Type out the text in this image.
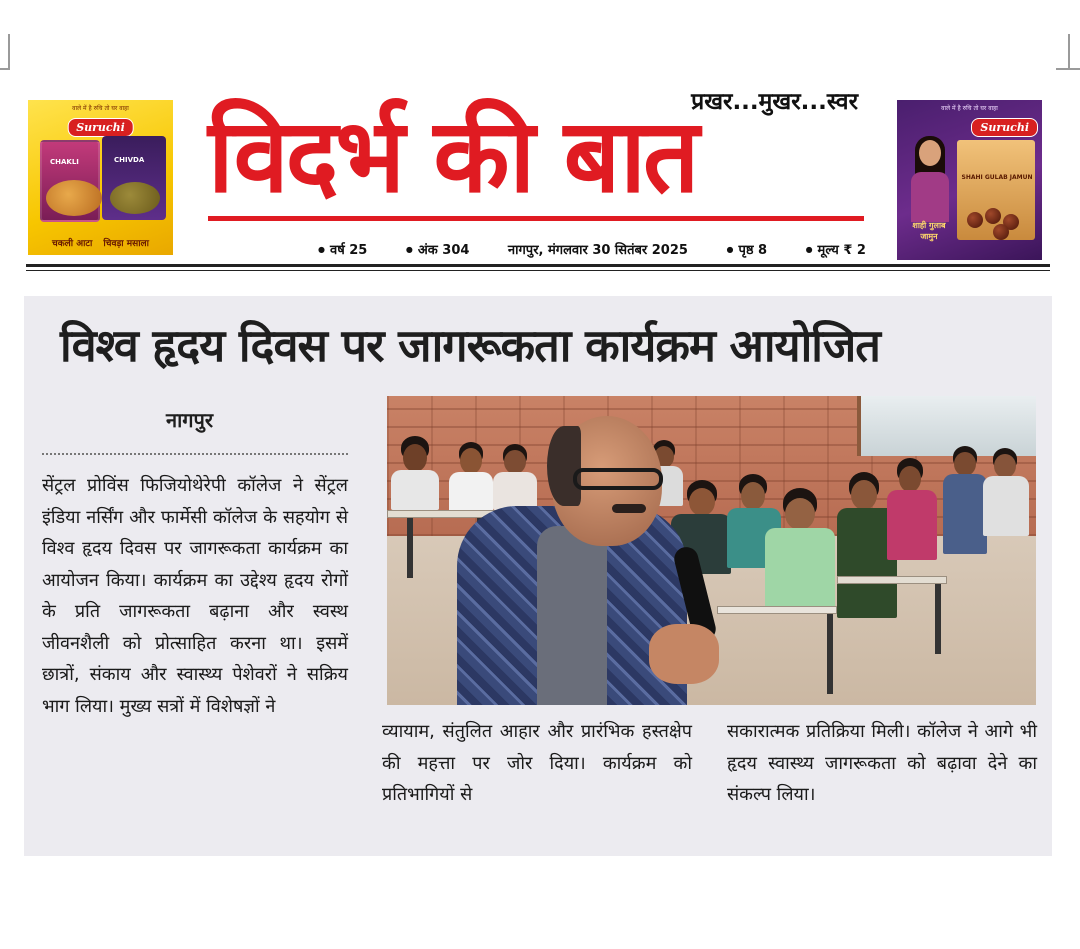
वाले में है रुचि तो घर वाहा
Suruchi
CHAKLI	CHIVDA
चकली आटा चिवड़ा मसाला
प्रखर...मुखर...स्वर
विदर्भ की बात	वाले में है रुचि तो घर वाहा
Suruchi
SHAHI GULAB JAMUN
शाही गुलाब जामुन
● वर्ष 25	● अंक 304	नागपुर, मंगलवार 30 सितंबर 2025	● पृष्ठ 8	● मूल्य ₹ 2
विश्व हृदय दिवस पर जागरूकता कार्यक्रम आयोजित
नागपुर
सेंट्रल प्रोविंस फिजियोथेरेपी कॉलेज ने सेंट्रल इंडिया नर्सिंग और फार्मेसी कॉलेज के सहयोग से विश्व हृदय दिवस पर जागरूकता कार्यक्रम का आयोजन किया। कार्यक्रम का उद्देश्य हृदय रोगों के प्रति जागरूकता बढ़ाना और स्वस्थ जीवनशैली को प्रोत्साहित करना था। इसमें छात्रों, संकाय और स्वास्थ्य पेशेवरों ने सक्रिय भाग लिया। मुख्य सत्रों में विशेषज्ञों ने
व्यायाम, संतुलित आहार और प्रारंभिक हस्तक्षेप की महत्ता पर जोर दिया। कार्यक्रम को प्रतिभागियों से
सकारात्मक प्रतिक्रिया मिली। कॉलेज ने आगे भी हृदय स्वास्थ्य जागरूकता को बढ़ावा देने का संकल्प लिया।
